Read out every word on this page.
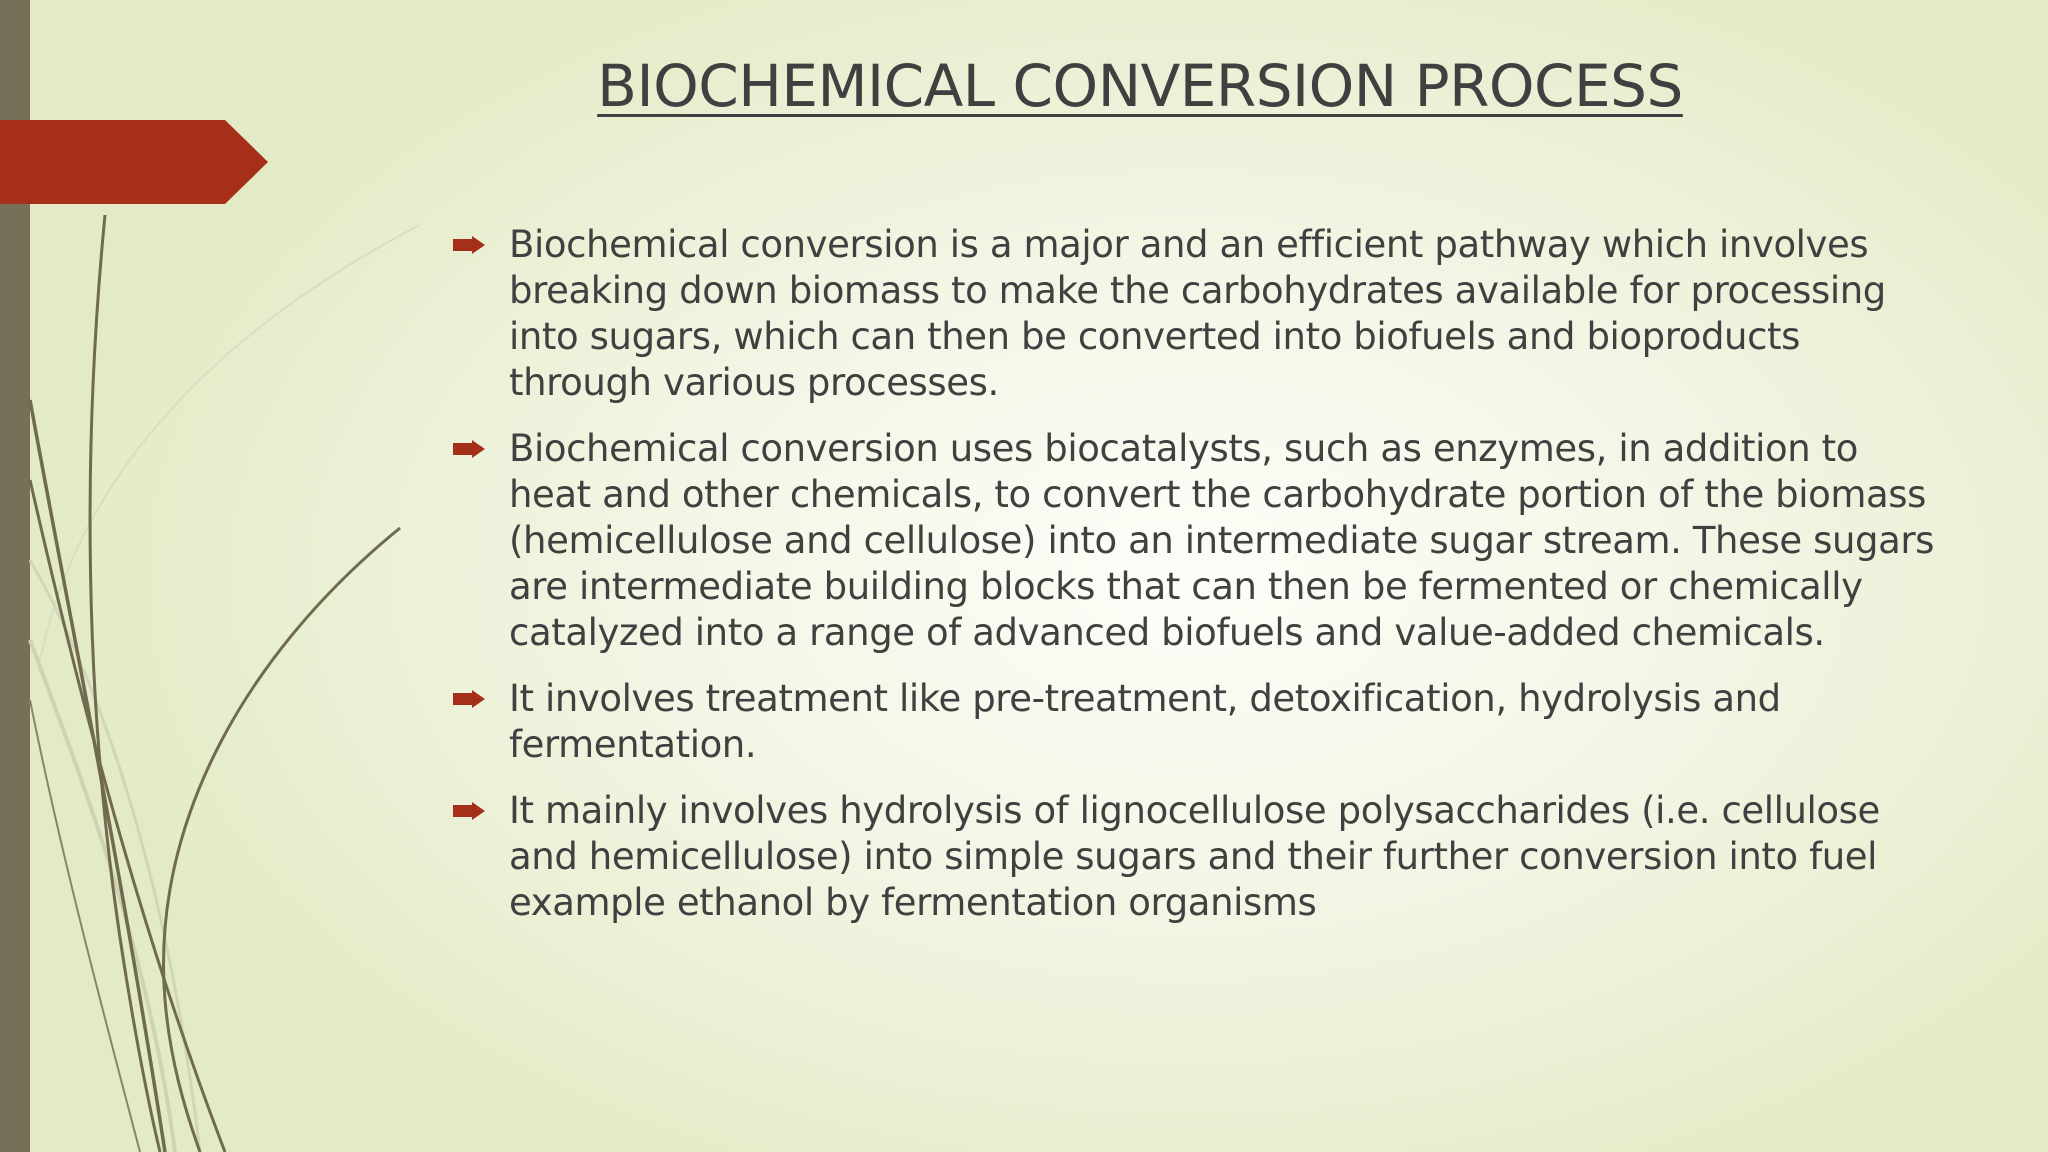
BIOCHEMICAL CONVERSION PROCESS
Biochemical conversion is a major and an efficient pathway which involves breaking down biomass to make the carbohydrates available for processing into sugars, which can then be converted into biofuels and bioproducts through various processes.
Biochemical conversion uses biocatalysts, such as enzymes, in addition to heat and other chemicals, to convert the carbohydrate portion of the biomass (hemicellulose and cellulose) into an intermediate sugar stream. These sugars are intermediate building blocks that can then be fermented or chemically catalyzed into a range of advanced biofuels and value-added chemicals.
It involves treatment like pre-treatment, detoxification, hydrolysis and fermentation.
It mainly involves hydrolysis of lignocellulose polysaccharides (i.e. cellulose and hemicellulose) into simple sugars and their further conversion into fuel example ethanol by fermentation organisms
